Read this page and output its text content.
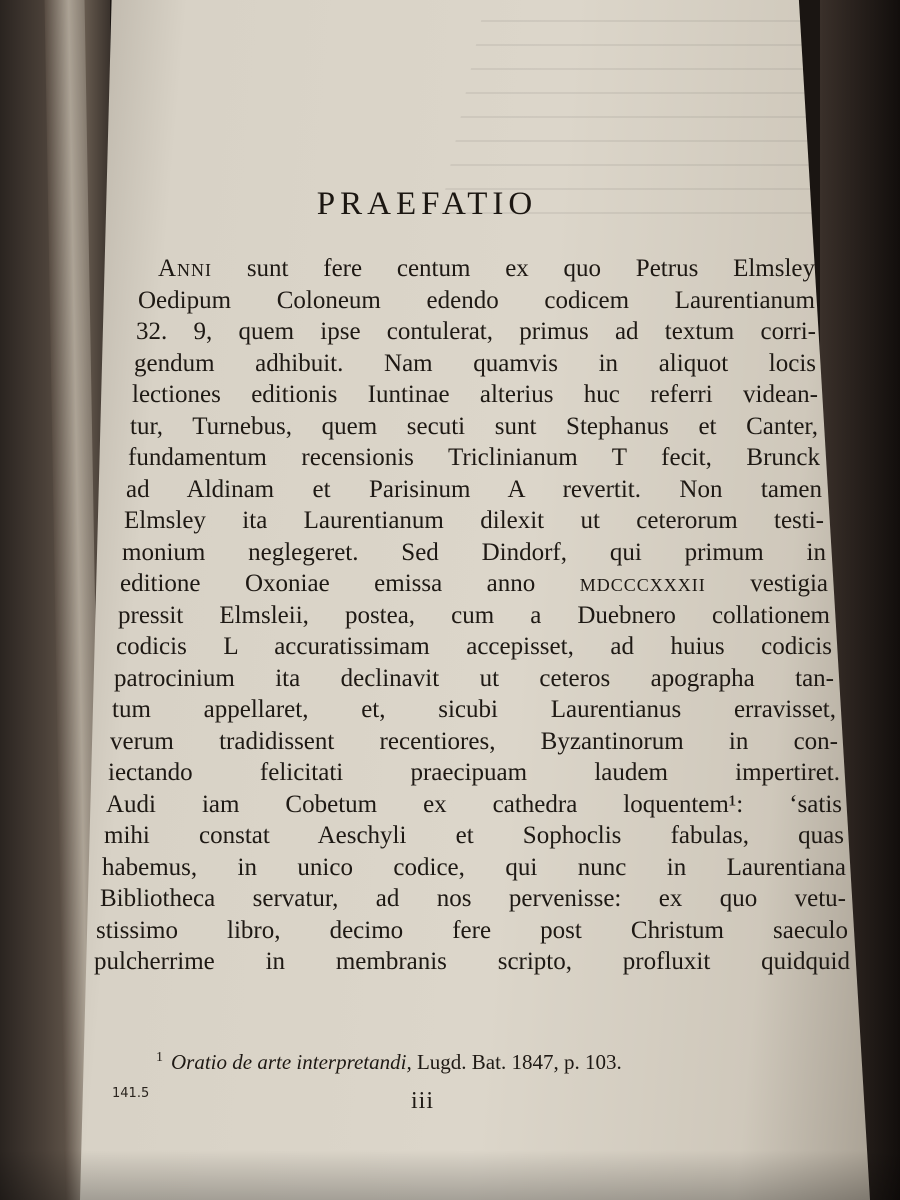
PRAEFATIO
Anni sunt fere centum ex quo Petrus Elmsley
Oedipum Coloneum edendo codicem Laurentianum
32. 9, quem ipse contulerat, primus ad textum corri-
gendum adhibuit. Nam quamvis in aliquot locis
lectiones editionis Iuntinae alterius huc referri videan-
tur, Turnebus, quem secuti sunt Stephanus et Canter,
fundamentum recensionis Triclinianum T fecit, Brunck
ad Aldinam et Parisinum A revertit. Non tamen
Elmsley ita Laurentianum dilexit ut ceterorum testi-
monium neglegeret. Sed Dindorf, qui primum in
editione Oxoniae emissa anno mdcccxxxii vestigia
pressit Elmsleii, postea, cum a Duebnero collationem
codicis L accuratissimam accepisset, ad huius codicis
patrocinium ita declinavit ut ceteros apographa tan-
tum appellaret, et, sicubi Laurentianus erravisset,
verum tradidissent recentiores, Byzantinorum in con-
iectando felicitati praecipuam laudem impertiret.
Audi iam Cobetum ex cathedra loquentem¹: ‘satis
mihi constat Aeschyli et Sophoclis fabulas, quas
habemus, in unico codice, qui nunc in Laurentiana
Bibliotheca servatur, ad nos pervenisse: ex quo vetu-
stissimo libro, decimo fere post Christum saeculo
pulcherrime in membranis scripto, profluxit quidquid
$^1$ Oratio de arte interpretandi, Lugd. Bat. 1847, p. 103.
141.5	iii
